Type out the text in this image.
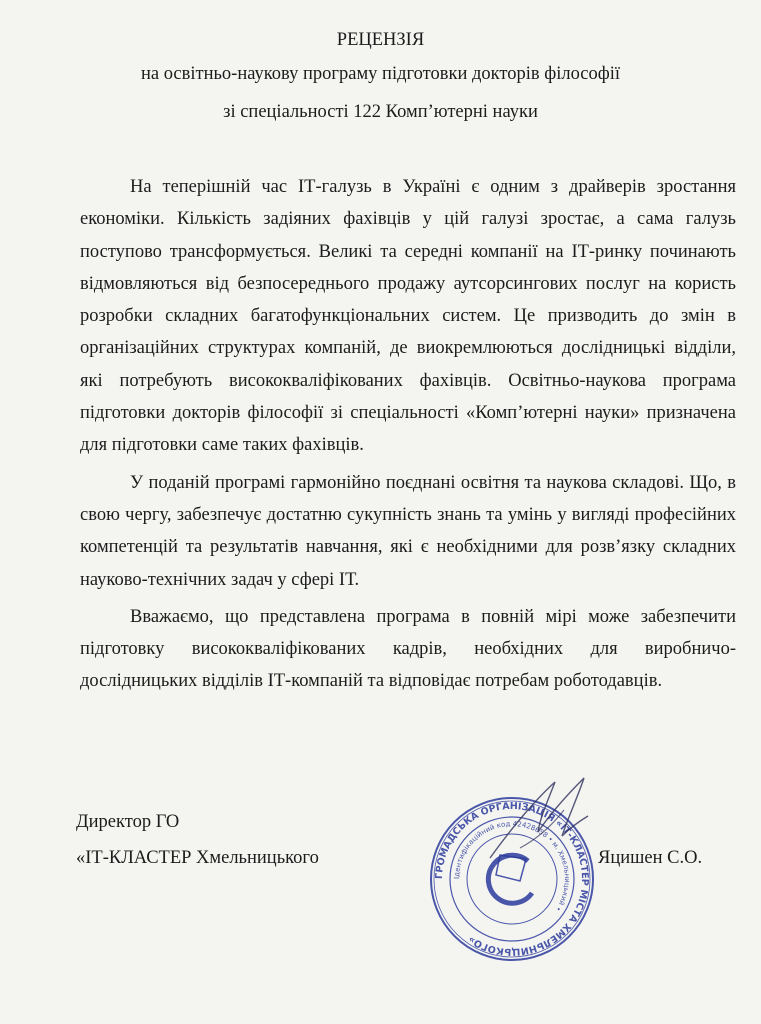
РЕЦЕНЗІЯ

на освітньо-наукову програму підготовки докторів філософії

зі спеціальності 122 Комп’ютерні науки

На теперішній час ІТ-галузь в Україні є одним з драйверів зростання економіки. Кількість задіяних фахівців у цій галузі зростає, а сама галузь поступово трансформується. Великі та середні компанії на ІТ-ринку починають відмовляються від безпосереднього продажу аутсорсингових послуг на користь розробки складних багатофункціональних систем. Це призводить до змін в організаційних структурах компаній, де виокремлюються дослідницькі відділи, які потребують висококваліфікованих фахівців. Освітньо-наукова програма підготовки докторів філософії зі спеціальності «Комп’ютерні науки» призначена для підготовки саме таких фахівців.

У поданій програмі гармонійно поєднані освітня та наукова складові. Що, в свою чергу, забезпечує достатню сукупність знань та умінь у вигляді професійних компетенцій та результатів навчання, які є необхідними для розв’язку складних науково-технічних задач у сфері ІТ.

Вважаємо, що представлена програма в повній мірі може забезпечити підготовку висококваліфікованих кадрів, необхідних для виробничо-дослідницьких відділів ІТ-компаній та відповідає потребам роботодавців.

Директор ГО

«ІТ-КЛАСТЕР Хмельницького	Яцишен С.О.

ГРОМАДСЬКА ОРГАНІЗАЦІЯ «ІТ-КЛАСТЕР МІСТА ХМЕЛЬНИЦЬКОГО»
Ідентифікаційний код 42428658 • м. Хмельницький •
